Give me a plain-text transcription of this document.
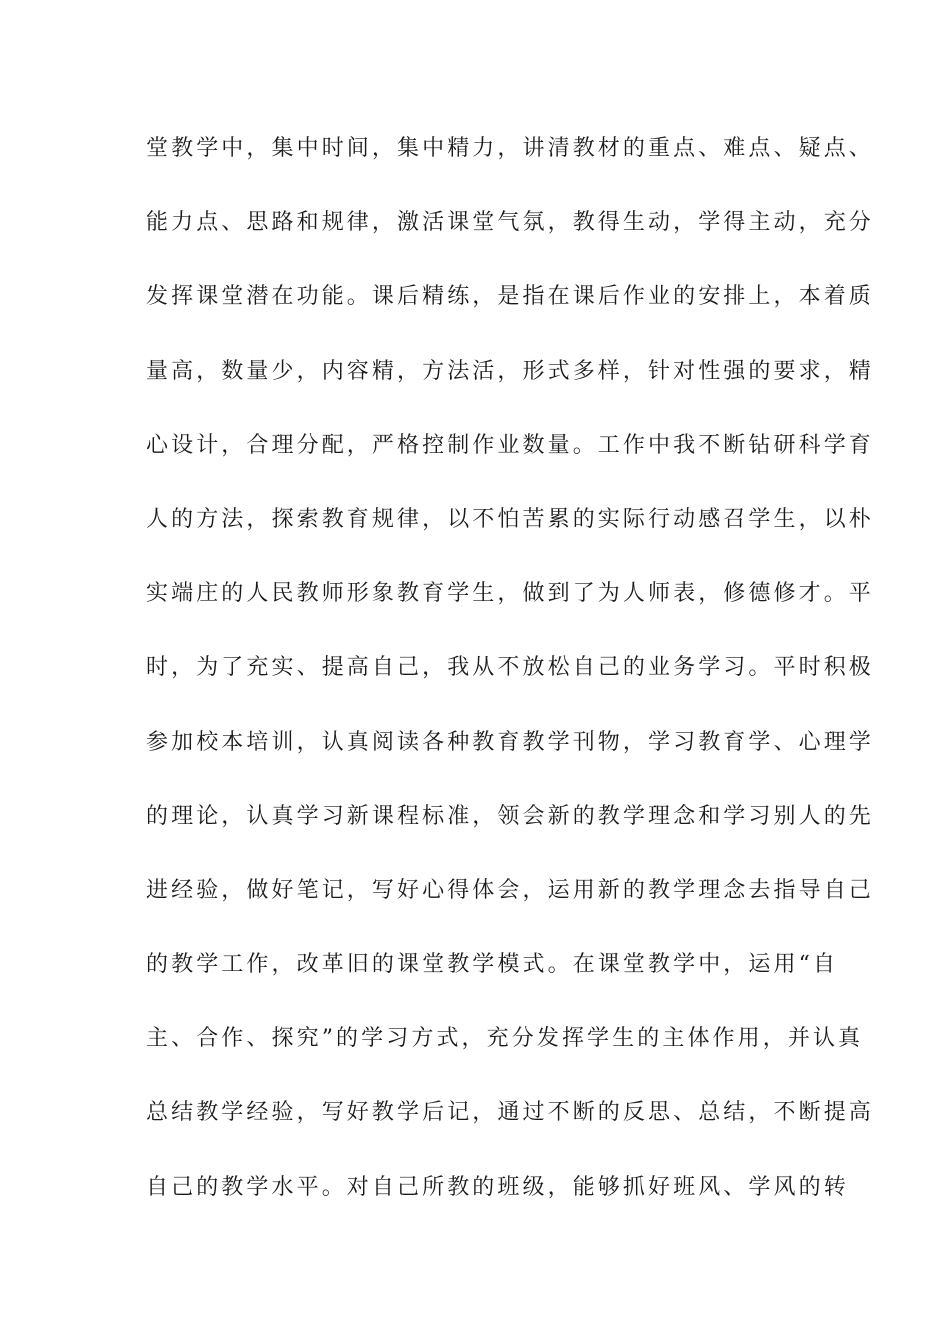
堂教学中，集中时间，集中精力，讲清教材的重点、难点、疑点、
能力点、思路和规律，激活课堂气氛，教得生动，学得主动，充分
发挥课堂潜在功能。课后精练，是指在课后作业的安排上，本着质
量高，数量少，内容精，方法活，形式多样，针对性强的要求，精
心设计，合理分配，严格控制作业数量。工作中我不断钻研科学育
人的方法，探索教育规律，以不怕苦累的实际行动感召学生，以朴
实端庄的人民教师形象教育学生，做到了为人师表，修德修才。平
时，为了充实、提高自己，我从不放松自己的业务学习。平时积极
参加校本培训，认真阅读各种教育教学刊物，学习教育学、心理学
的理论，认真学习新课程标准，领会新的教学理念和学习别人的先
进经验，做好笔记，写好心得体会，运用新的教学理念去指导自己
的教学工作，改革旧的课堂教学模式。在课堂教学中，运用“自
主、合作、探究”的学习方式，充分发挥学生的主体作用，并认真
总结教学经验，写好教学后记，通过不断的反思、总结，不断提高
自己的教学水平。对自己所教的班级，能够抓好班风、学风的转
